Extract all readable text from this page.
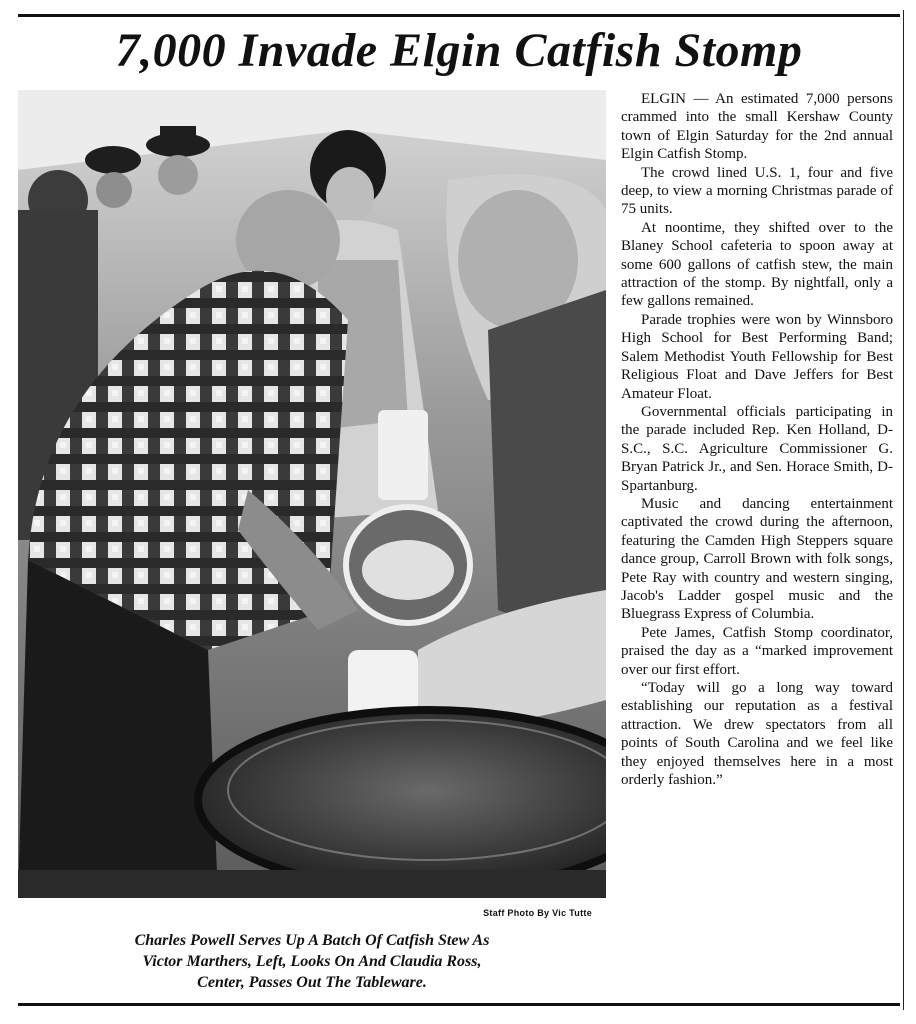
7,000 Invade Elgin Catfish Stomp
Staff Photo By Vic Tutte
Charles Powell Serves Up A Batch Of Catfish Stew As
Victor Marthers, Left, Looks On And Claudia Ross,
Center, Passes Out The Tableware.

ELGIN — An estimated 7,000 persons crammed into the small Kershaw County town of Elgin Saturday for the 2nd annual Elgin Catfish Stomp.

The crowd lined U.S. 1, four and five deep, to view a morning Christmas parade of 75 units.

At noontime, they shifted over to the Blaney School cafeteria to spoon away at some 600 gallons of catfish stew, the main attraction of the stomp. By nightfall, only a few gallons remained.

Parade trophies were won by Winnsboro High School for Best Performing Band; Salem Methodist Youth Fellowship for Best Religious Float and Dave Jeffers for Best Amateur Float.

Governmental officials participating in the parade included Rep. Ken Holland, D-S.C., S.C. Agriculture Commissioner G. Bryan Patrick Jr., and Sen. Horace Smith, D-Spartanburg.

Music and dancing entertainment captivated the crowd during the afternoon, featuring the Camden High Steppers square dance group, Carroll Brown with folk songs, Pete Ray with country and western singing, Jacob's Ladder gospel music and the Bluegrass Express of Columbia.

Pete James, Catfish Stomp coordinator, praised the day as a “marked improvement over our first effort.

“Today will go a long way toward establishing our reputation as a festival attraction. We drew spectators from all points of South Carolina and we feel like they enjoyed themselves here in a most orderly fashion.”
